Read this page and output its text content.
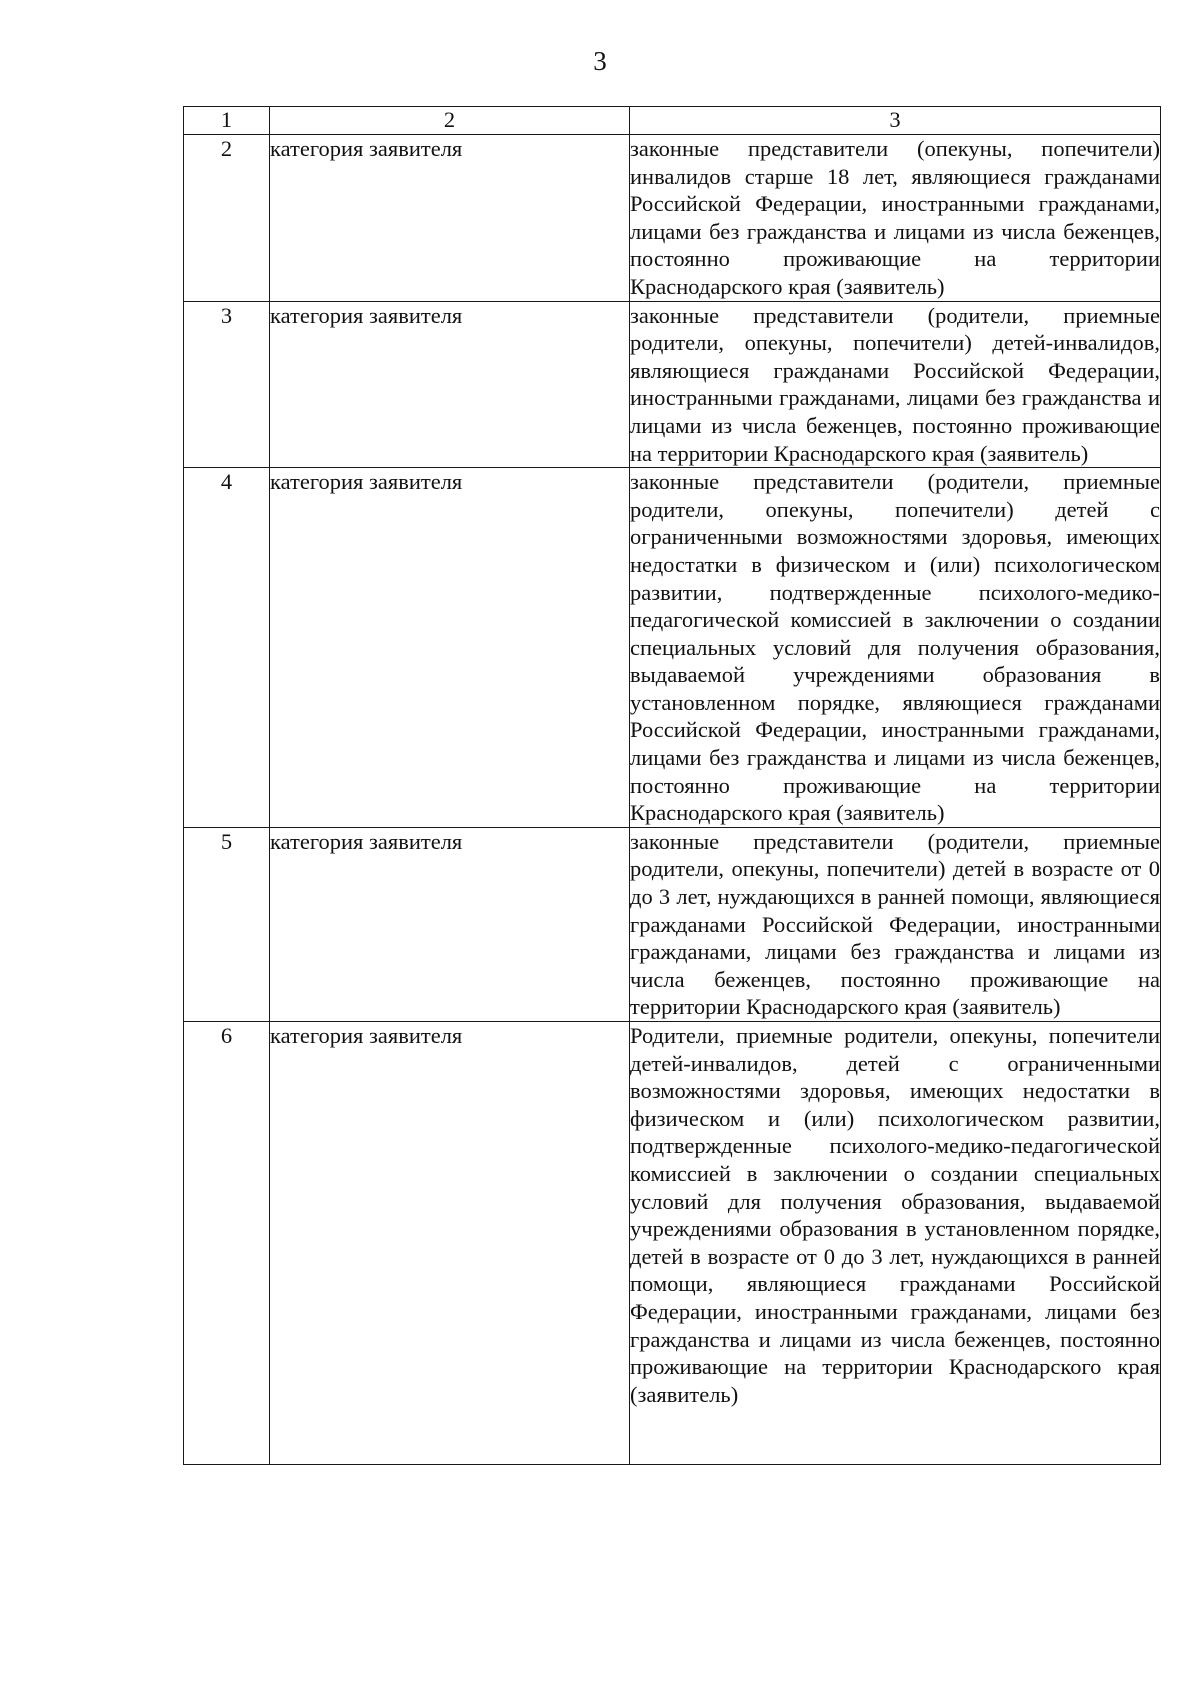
3
1	2	3
2	категория заявителя	законные представители (опекуны, попечители) инвалидов старше 18 лет, являющиеся гражданами Российской Федерации, иностранными гражданами, лицами без гражданства и лицами из числа беженцев, постоянно проживающие на территории Краснодарского края (заявитель)
3	категория заявителя	законные представители (родители, приемные родители, опекуны, попечители) детей-инвалидов, являющиеся гражданами Российской Федерации, иностранными гражданами, лицами без гражданства и лицами из числа беженцев, постоянно проживающие на территории Краснодарского края (заявитель)
4	категория заявителя	законные представители (родители, приемные родители, опекуны, попечители) детей с ограниченными возможностями здоровья, имеющих недостатки в физическом и (или) психологическом развитии, подтвержденные психолого-медико-педагогической комиссией в заключении о создании специальных условий для получения образования, выдаваемой учреждениями образования в установленном порядке, являющиеся гражданами Российской Федерации, иностранными гражданами, лицами без гражданства и лицами из числа беженцев, постоянно проживающие на территории Краснодарского края (заявитель)
5	категория заявителя	законные представители (родители, приемные родители, опекуны, попечители) детей в возрасте от 0 до 3 лет, нуждающихся в ранней помощи, являющиеся гражданами Российской Федерации, иностранными гражданами, лицами без гражданства и лицами из числа беженцев, постоянно проживающие на территории Краснодарского края (заявитель)
6	категория заявителя	Родители, приемные родители, опекуны, попечители детей-инвалидов, детей с ограниченными возможностями здоровья, имеющих недостатки в физическом и (или) психологическом развитии, подтвержденные психолого-медико-педагогической комиссией в заключении о создании специальных условий для получения образования, выдаваемой учреждениями образования в установленном порядке, детей в возрасте от 0 до 3 лет, нуждающихся в ранней помощи, являющиеся гражданами Российской Федерации, иностранными гражданами, лицами без гражданства и лицами из числа беженцев, постоянно проживающие на территории Краснодарского края (заявитель)
